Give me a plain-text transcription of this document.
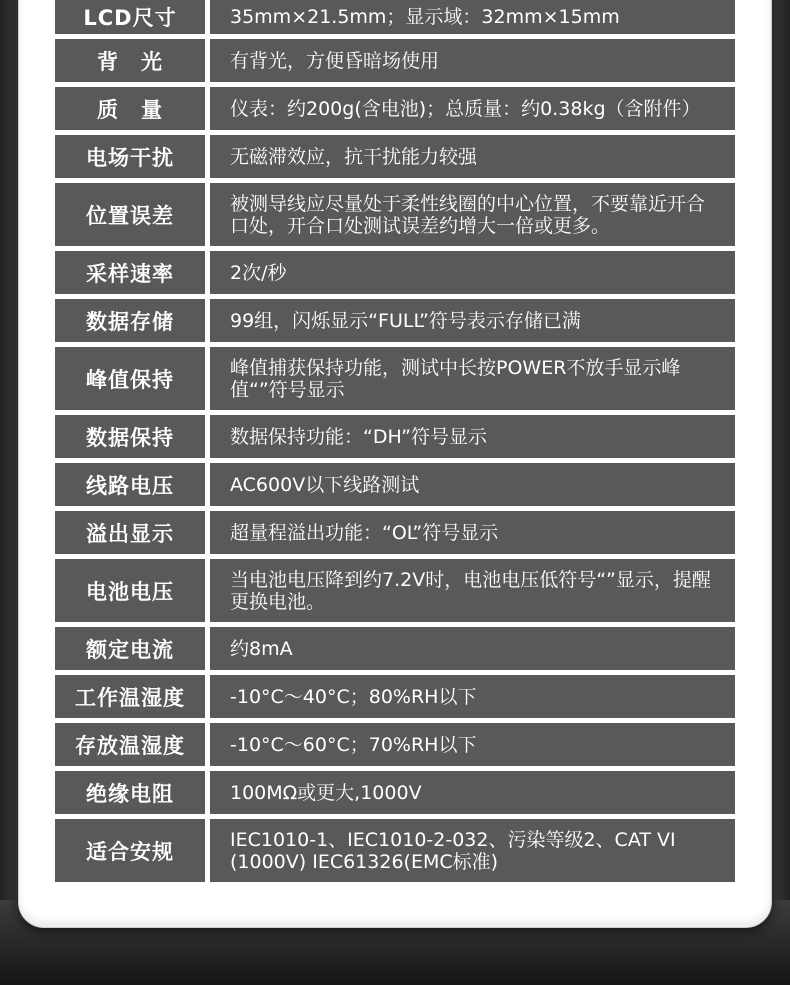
LCD尺寸	35mm×21.5mm；显示域：32mm×15mm
背　光	有背光，方便昏暗场使用
质　量	仪表：约200g(含电池)；总质量：约0.38kg（含附件）
电场干扰	无磁滞效应，抗干扰能力较强
位置误差	被测导线应尽量处于柔性线圈的中心位置，不要靠近开合口处，开合口处测试误差约增大一倍或更多。
采样速率	2次/秒
数据存储	99组，闪烁显示“FULL”符号表示存储已满
峰值保持	峰值捕获保持功能，测试中长按POWER不放手显示峰值“”符号显示
数据保持	数据保持功能：“DH”符号显示
线路电压	AC600V以下线路测试
溢出显示	超量程溢出功能：“OL”符号显示
电池电压	当电池电压降到约7.2V时，电池电压低符号“”显示，提醒更换电池。
额定电流	约8mA
工作温湿度	-10°C～40°C；80%RH以下
存放温湿度	-10°C～60°C；70%RH以下
绝缘电阻	100MΩ或更大,1000V
适合安规	IEC1010-1、IEC1010-2-032、污染等级2、CAT VI (1000V) IEC61326(EMC标准)
